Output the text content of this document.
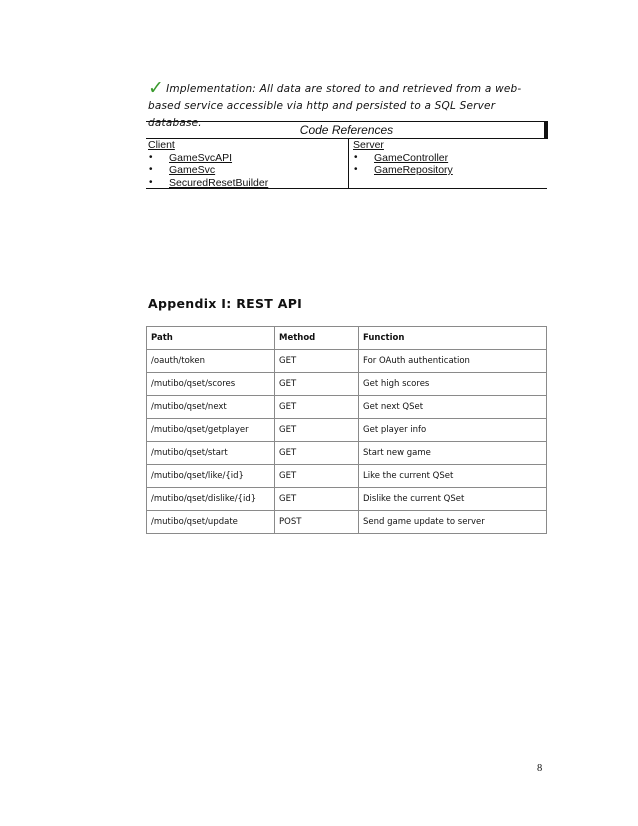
✓ Implementation: All data are stored to and retrieved from a web-based service accessible via http and persisted to a SQL Server database.	Code References
Client
• GameSvcAPI
• GameSvc
• SecuredResetBuilder
Server
• GameController
• GameRepository
Appendix I: REST API
Path	Method	Function
/oauth/token	GET	For OAuth authentication
/mutibo/qset/scores	GET	Get high scores
/mutibo/qset/next	GET	Get next QSet
/mutibo/qset/getplayer	GET	Get player info
/mutibo/qset/start	GET	Start new game
/mutibo/qset/like/{id}	GET	Like the current QSet
/mutibo/qset/dislike/{id}	GET	Dislike the current QSet
/mutibo/qset/update	POST	Send game update to server
8
